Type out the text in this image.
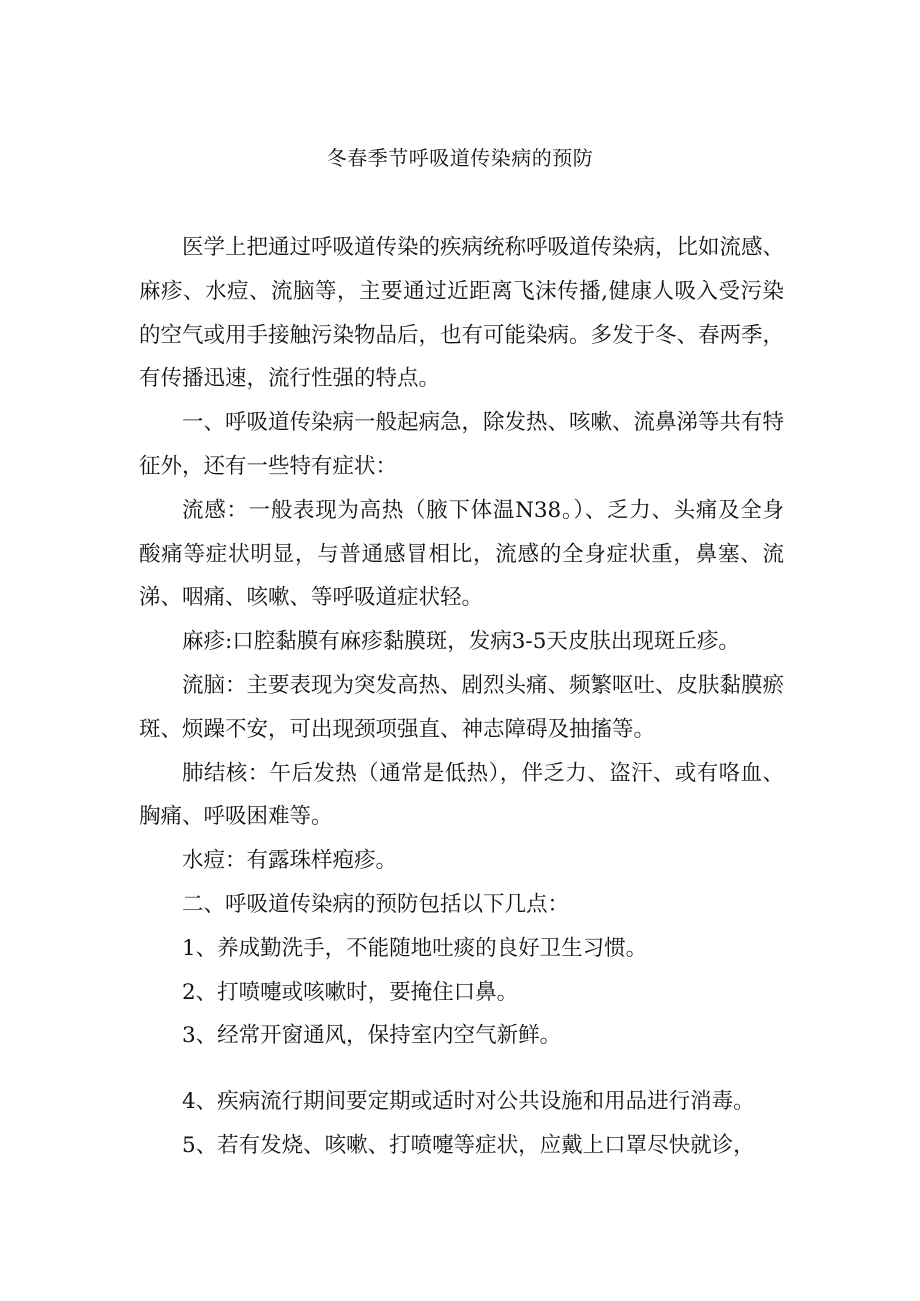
冬春季节呼吸道传染病的预防

医学上把通过呼吸道传染的疾病统称呼吸道传染病，比如流感、麻疹、水痘、流脑等，主要通过近距离飞沫传播,健康人吸入受污染的空气或用手接触污染物品后，也有可能染病。多发于冬、春两季，有传播迅速，流行性强的特点。

一、呼吸道传染病一般起病急，除发热、咳嗽、流鼻涕等共有特征外，还有一些特有症状：

流感：一般表现为高热（腋下体温N38。）、乏力、头痛及全身酸痛等症状明显，与普通感冒相比，流感的全身症状重，鼻塞、流涕、咽痛、咳嗽、等呼吸道症状轻。

麻疹:口腔黏膜有麻疹黏膜斑，发病3-5天皮肤出现斑丘疹。

流脑：主要表现为突发高热、剧烈头痛、频繁呕吐、皮肤黏膜瘀斑、烦躁不安，可出现颈项强直、神志障碍及抽搐等。

肺结核：午后发热（通常是低热），伴乏力、盗汗、或有咯血、胸痛、呼吸困难等。

水痘：有露珠样疱疹。

二、呼吸道传染病的预防包括以下几点：

1、养成勤洗手，不能随地吐痰的良好卫生习惯。

2、打喷嚏或咳嗽时，要掩住口鼻。

3、经常开窗通风，保持室内空气新鲜。

4、疾病流行期间要定期或适时对公共设施和用品进行消毒。

5、若有发烧、咳嗽、打喷嚏等症状，应戴上口罩尽快就诊，
